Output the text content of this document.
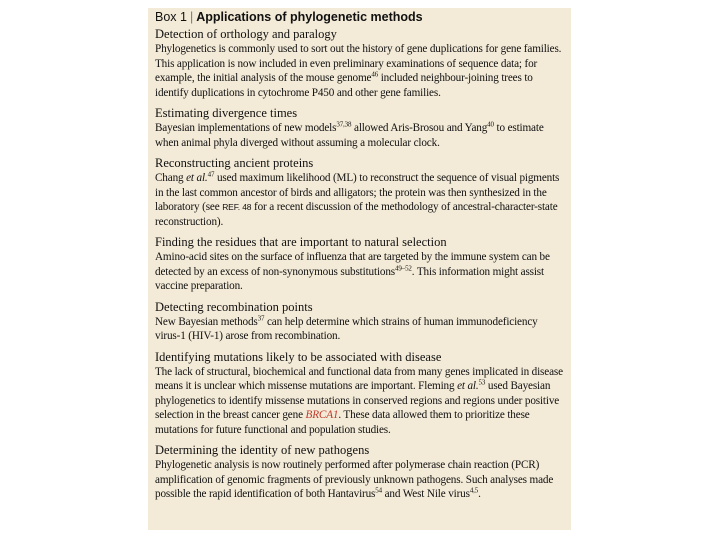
Box 1 | Applications of phylogenetic methods

Detection of orthology and paralogy

Phylogenetics is commonly used to sort out the history of gene duplications for gene families. This application is now included in even preliminary examinations of sequence data; for example, the initial analysis of the mouse genome$^{46}$ included neighbour-joining trees to identify duplications in cytochrome P450 and other gene families.

Estimating divergence times

Bayesian implementations of new models$^{37,38}$ allowed Aris-Brosou and Yang$^{40}$ to estimate when animal phyla diverged without assuming a molecular clock.

Reconstructing ancient proteins

Chang et al.$^{47}$ used maximum likelihood (ML) to reconstruct the sequence of visual pigments in the last common ancestor of birds and alligators; the protein was then synthesized in the laboratory (see REF. 48 for a recent discussion of the methodology of ancestral-character-state reconstruction).

Finding the residues that are important to natural selection

Amino-acid sites on the surface of influenza that are targeted by the immune system can be detected by an excess of non-synonymous substitutions$^{49-52}$. This information might assist vaccine preparation.

Detecting recombination points

New Bayesian methods$^{37}$ can help determine which strains of human immunodeficiency virus-1 (HIV-1) arose from recombination.

Identifying mutations likely to be associated with disease

The lack of structural, biochemical and functional data from many genes implicated in disease means it is unclear which missense mutations are important. Fleming et al.$^{53}$ used Bayesian phylogenetics to identify missense mutations in conserved regions and regions under positive selection in the breast cancer gene BRCA1. These data allowed them to prioritize these mutations for future functional and population studies.

Determining the identity of new pathogens

Phylogenetic analysis is now routinely performed after polymerase chain reaction (PCR) amplification of genomic fragments of previously unknown pathogens. Such analyses made possible the rapid identification of both Hantavirus$^{54}$ and West Nile virus$^{4,5}$.
